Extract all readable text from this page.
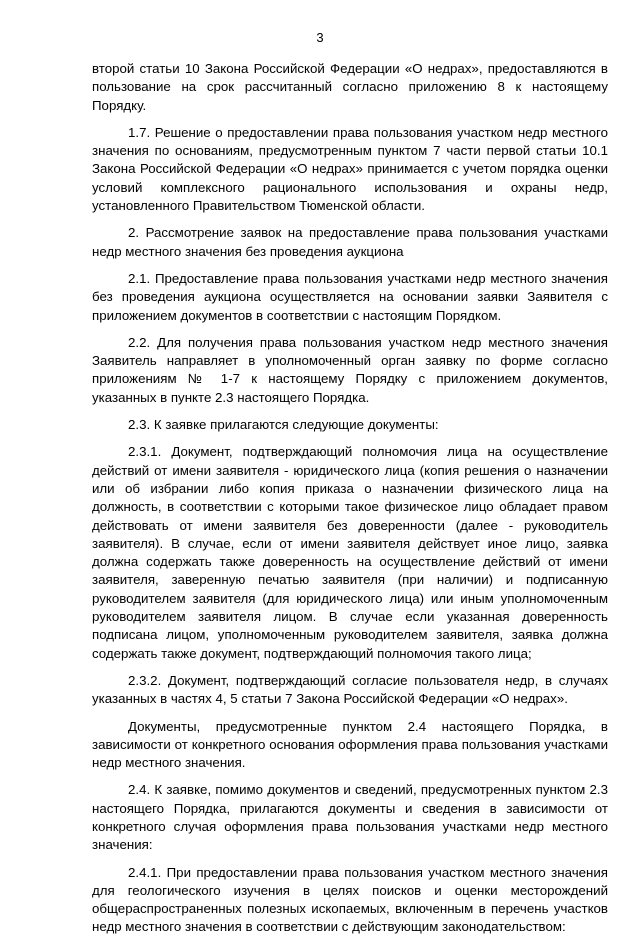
3

второй статьи 10 Закона Российской Федерации «О недрах», предоставляются в пользование на срок рассчитанный согласно приложению 8 к настоящему Порядку.

1.7. Решение о предоставлении права пользования участком недр местного значения по основаниям, предусмотренным пунктом 7 части первой статьи 10.1 Закона Российской Федерации «О недрах» принимается с учетом порядка оценки условий комплексного рационального использования и охраны недр, установленного Правительством Тюменской области.

2. Рассмотрение заявок на предоставление права пользования участками недр местного значения без проведения аукциона

2.1. Предоставление права пользования участками недр местного значения без проведения аукциона осуществляется на основании заявки Заявителя с приложением документов в соответствии с настоящим Порядком.

2.2. Для получения права пользования участком недр местного значения Заявитель направляет в уполномоченный орган заявку по форме согласно приложениям № 1-7 к настоящему Порядку с приложением документов, указанных в пункте 2.3 настоящего Порядка.

2.3. К заявке прилагаются следующие документы:

2.3.1. Документ, подтверждающий полномочия лица на осуществление действий от имени заявителя - юридического лица (копия решения о назначении или об избрании либо копия приказа о назначении физического лица на должность, в соответствии с которыми такое физическое лицо обладает правом действовать от имени заявителя без доверенности (далее - руководитель заявителя). В случае, если от имени заявителя действует иное лицо, заявка должна содержать также доверенность на осуществление действий от имени заявителя, заверенную печатью заявителя (при наличии) и подписанную руководителем заявителя (для юридического лица) или иным уполномоченным руководителем заявителя лицом. В случае если указанная доверенность подписана лицом, уполномоченным руководителем заявителя, заявка должна содержать также документ, подтверждающий полномочия такого лица;

2.3.2. Документ, подтверждающий согласие пользователя недр, в случаях указанных в частях 4, 5 статьи 7 Закона Российской Федерации «О недрах».

Документы, предусмотренные пунктом 2.4 настоящего Порядка, в зависимости от конкретного основания оформления права пользования участками недр местного значения.

2.4. К заявке, помимо документов и сведений, предусмотренных пунктом 2.3 настоящего Порядка, прилагаются документы и сведения в зависимости от конкретного случая оформления права пользования участками недр местного значения:

2.4.1. При предоставлении права пользования участком местного значения для геологического изучения в целях поисков и оценки месторождений общераспространенных полезных ископаемых, включенным в перечень участков недр местного значения в соответствии с действующим законодательством:
